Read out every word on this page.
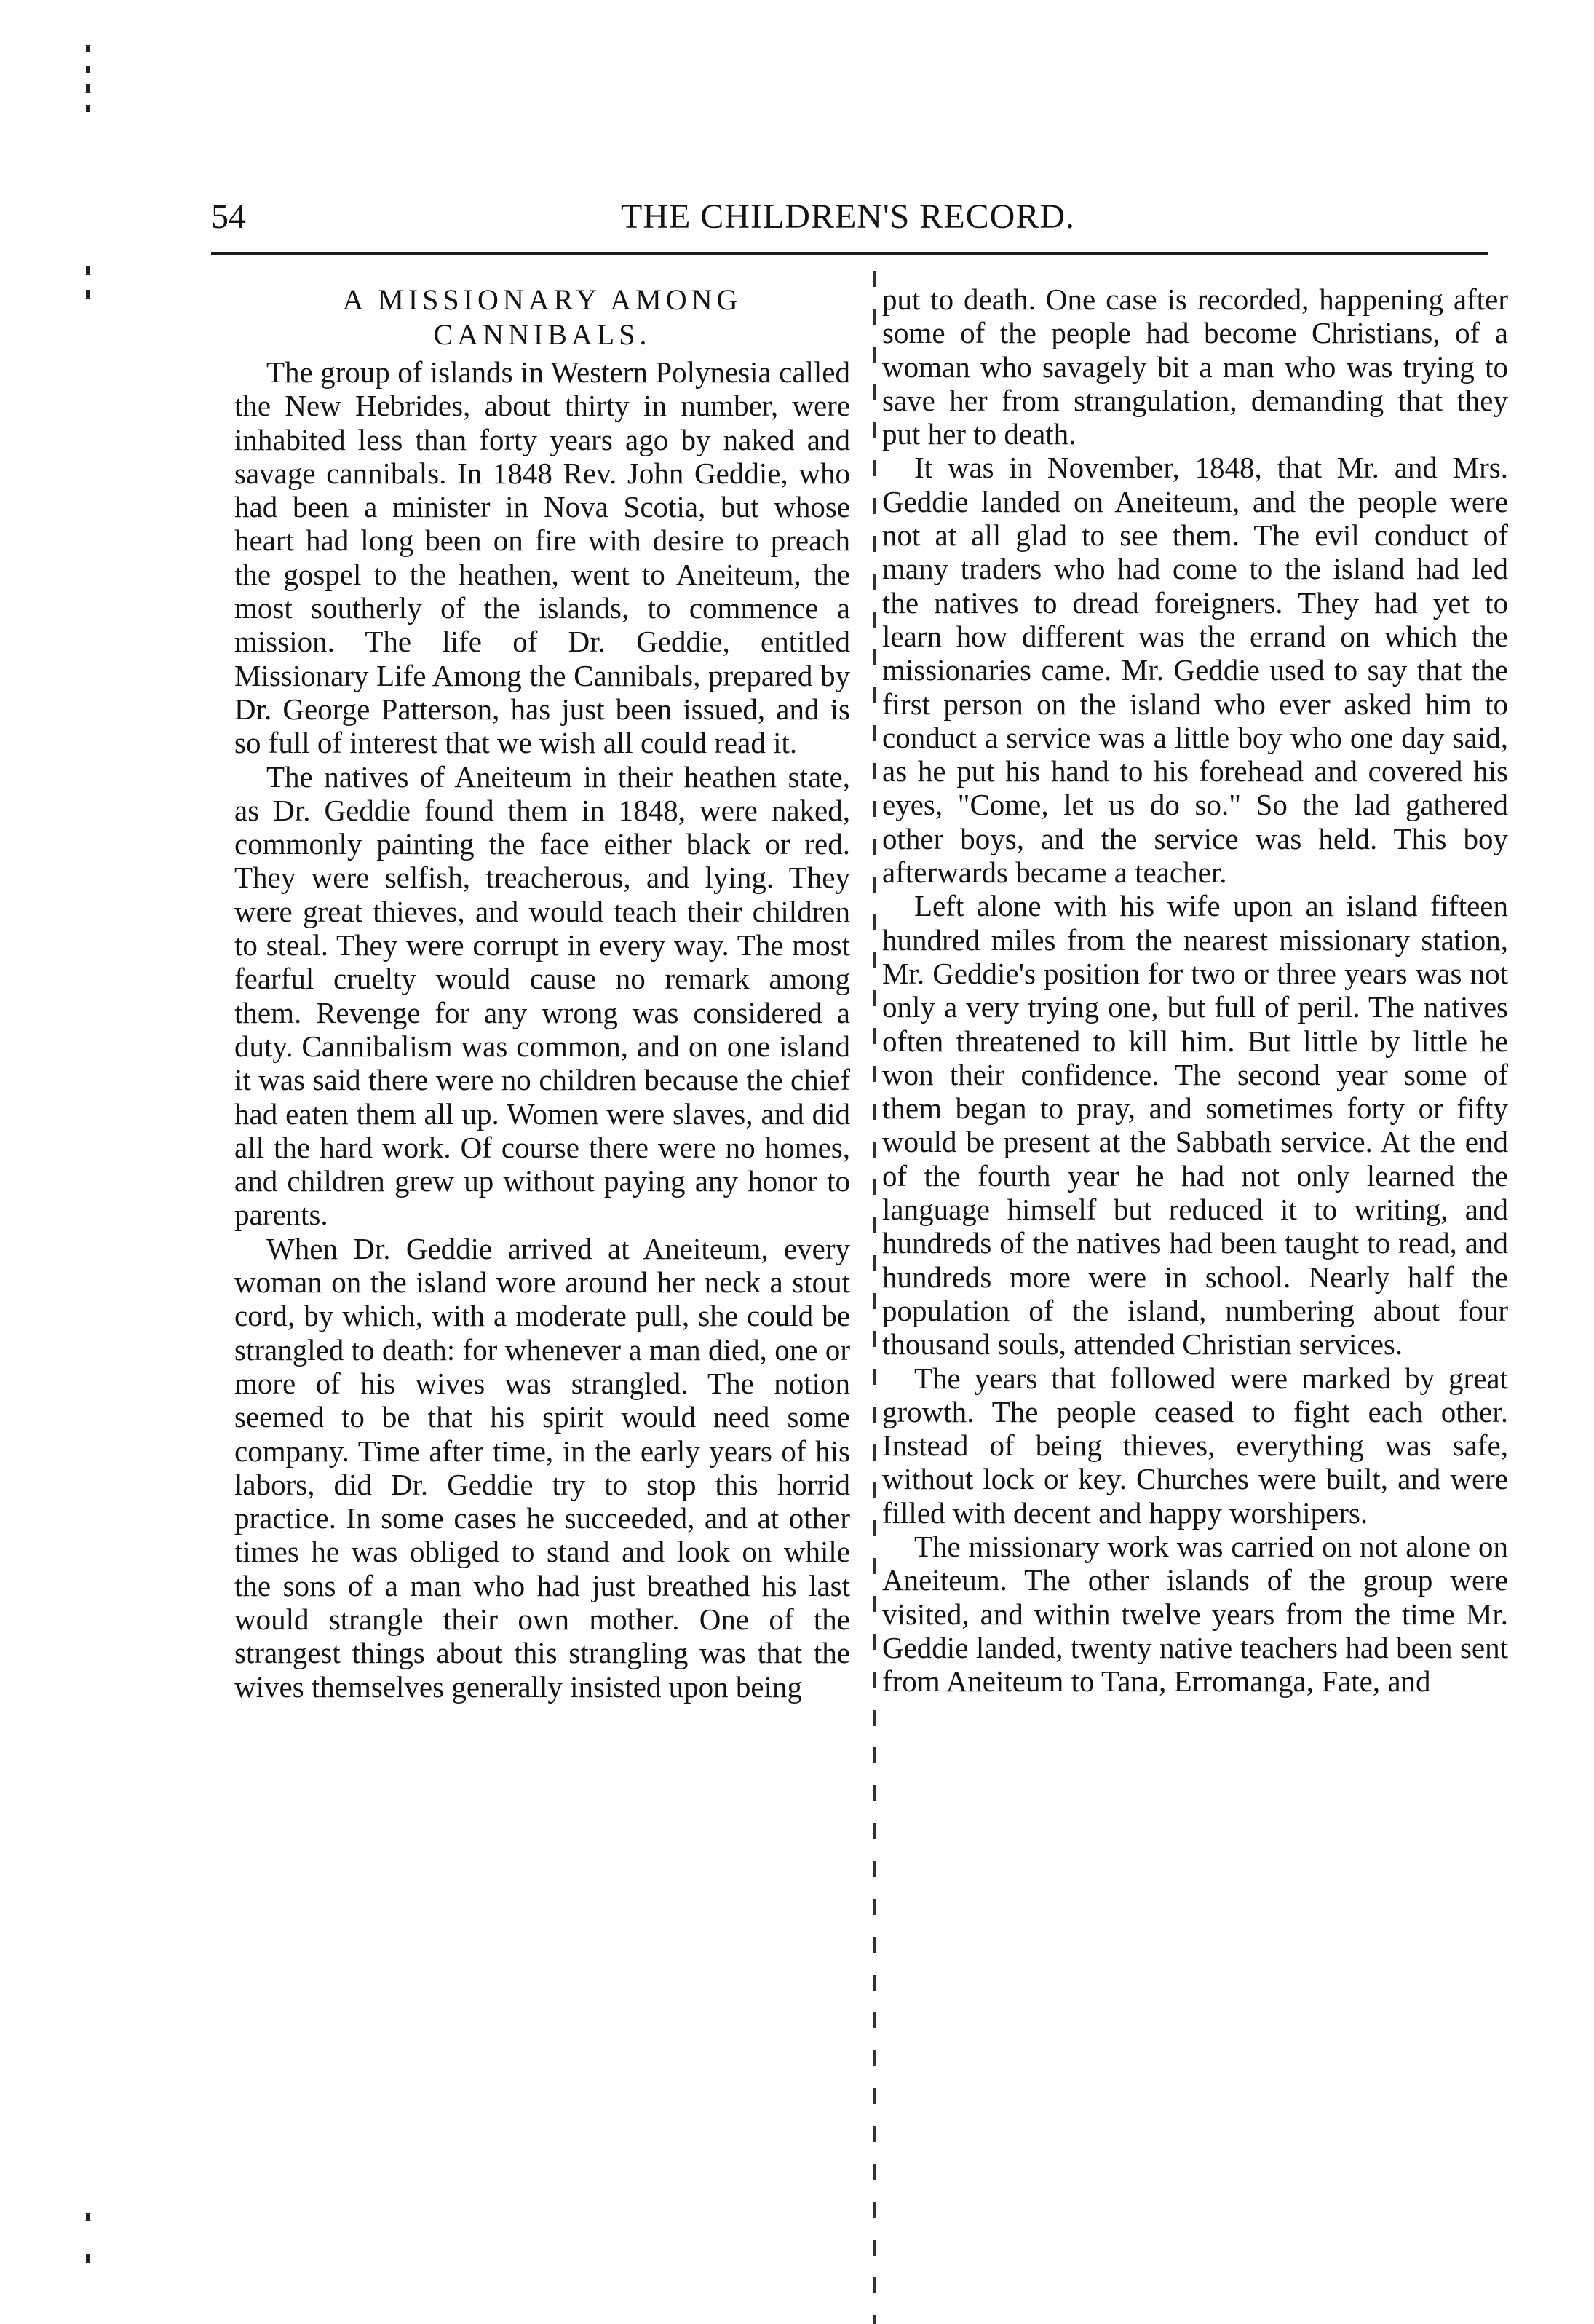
54	THE CHILDREN'S RECORD.
A MISSIONARY AMONG CANNIBALS.

The group of islands in Western Polynesia called the New Hebrides, about thirty in number, were inhabited less than forty years ago by naked and savage cannibals. In 1848 Rev. John Geddie, who had been a minister in Nova Scotia, but whose heart had long been on fire with desire to preach the gospel to the heathen, went to Aneiteum, the most southerly of the islands, to commence a mission. The life of Dr. Geddie, entitled Missionary Life Among the Cannibals, prepared by Dr. George Patterson, has just been issued, and is so full of interest that we wish all could read it.

The natives of Aneiteum in their heathen state, as Dr. Geddie found them in 1848, were naked, commonly painting the face either black or red. They were selfish, treacherous, and lying. They were great thieves, and would teach their children to steal. They were corrupt in every way. The most fearful cruelty would cause no remark among them. Revenge for any wrong was considered a duty. Cannibalism was common, and on one island it was said there were no children because the chief had eaten them all up. Women were slaves, and did all the hard work. Of course there were no homes, and children grew up without paying any honor to parents.

When Dr. Geddie arrived at Aneiteum, every woman on the island wore around her neck a stout cord, by which, with a moderate pull, she could be strangled to death: for whenever a man died, one or more of his wives was strangled. The notion seemed to be that his spirit would need some company. Time after time, in the early years of his labors, did Dr. Geddie try to stop this horrid practice. In some cases he succeeded, and at other times he was obliged to stand and look on while the sons of a man who had just breathed his last would strangle their own mother. One of the strangest things about this strangling was that the wives themselves generally insisted upon being

put to death. One case is recorded, happening after some of the people had become Christians, of a woman who savagely bit a man who was trying to save her from strangulation, demanding that they put her to death.

It was in November, 1848, that Mr. and Mrs. Geddie landed on Aneiteum, and the people were not at all glad to see them. The evil conduct of many traders who had come to the island had led the natives to dread foreigners. They had yet to learn how different was the errand on which the missionaries came. Mr. Geddie used to say that the first person on the island who ever asked him to conduct a service was a little boy who one day said, as he put his hand to his forehead and covered his eyes, "Come, let us do so." So the lad gathered other boys, and the service was held. This boy afterwards became a teacher.

Left alone with his wife upon an island fifteen hundred miles from the nearest missionary station, Mr. Geddie's position for two or three years was not only a very trying one, but full of peril. The natives often threatened to kill him. But little by little he won their confidence. The second year some of them began to pray, and sometimes forty or fifty would be present at the Sabbath service. At the end of the fourth year he had not only learned the language himself but reduced it to writing, and hundreds of the natives had been taught to read, and hundreds more were in school. Nearly half the population of the island, numbering about four thousand souls, attended Christian services.

The years that followed were marked by great growth. The people ceased to fight each other. Instead of being thieves, everything was safe, without lock or key. Churches were built, and were filled with decent and happy worshipers.

The missionary work was carried on not alone on Aneiteum. The other islands of the group were visited, and within twelve years from the time Mr. Geddie landed, twenty native teachers had been sent from Aneiteum to Tana, Erromanga, Fate, and
